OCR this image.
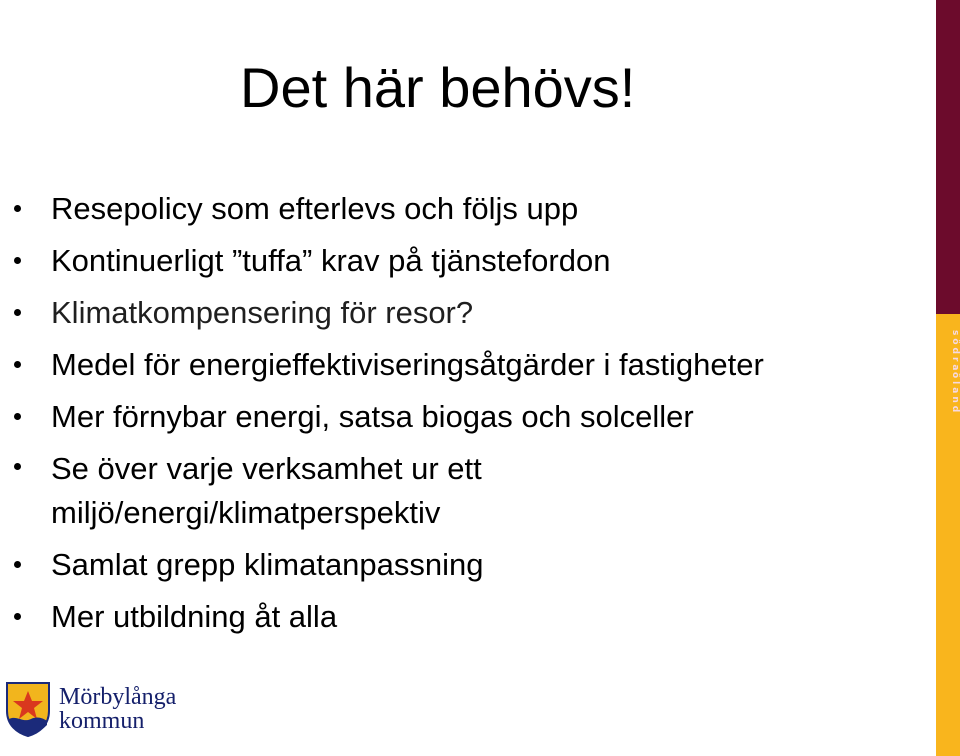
Det här behövs!
Resepolicy som efterlevs och följs upp
Kontinuerligt ”tuffa” krav på tjänstefordon
Klimatkompensering för resor?
Medel för energieffektiviseringsåtgärder i fastigheter
Mer förnybar energi, satsa biogas och solceller
Se över varje verksamhet ur ett miljö/energi/klimatperspektiv
Samlat grepp klimatanpassning
Mer utbildning åt alla
södra
öland
Mörbylånga
kommun
